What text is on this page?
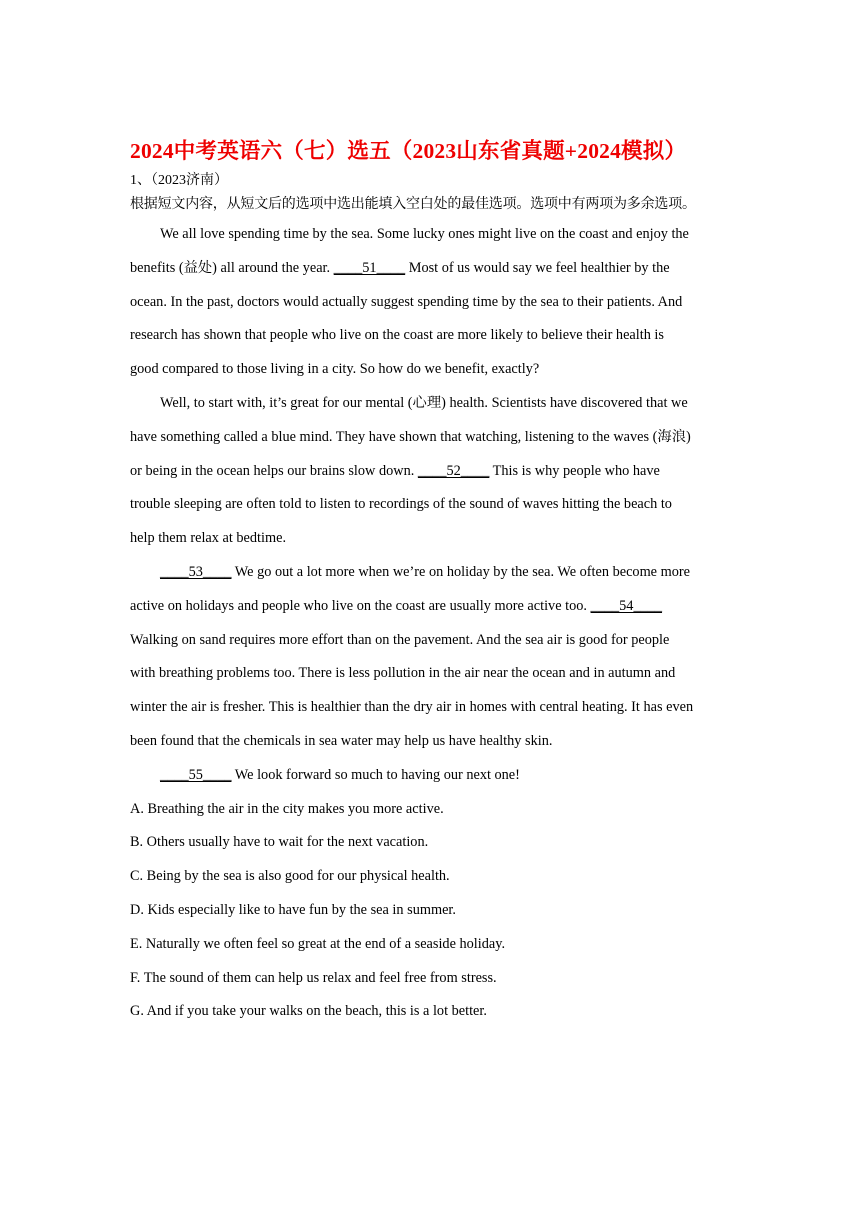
2024中考英语六（七）选五（2023山东省真题+2024模拟）
1、（2023济南）
根据短文内容，从短文后的选项中选出能填入空白处的最佳选项。选项中有两项为多余选项。
We all love spending time by the sea. Some lucky ones might live on the coast and enjoy the
benefits (益处) all around the year. ____51____ Most of us would say we feel healthier by the
ocean. In the past, doctors would actually suggest spending time by the sea to their patients. And
research has shown that people who live on the coast are more likely to believe their health is
good compared to those living in a city. So how do we benefit, exactly?
Well, to start with, it’s great for our mental (心理) health. Scientists have discovered that we
have something called a blue mind. They have shown that watching, listening to the waves (海浪)
or being in the ocean helps our brains slow down. ____52____ This is why people who have
trouble sleeping are often told to listen to recordings of the sound of waves hitting the beach to
help them relax at bedtime.
____53____ We go out a lot more when we’re on holiday by the sea. We often become more
active on holidays and people who live on the coast are usually more active too. ____54____
Walking on sand requires more effort than on the pavement. And the sea air is good for people
with breathing problems too. There is less pollution in the air near the ocean and in autumn and
winter the air is fresher. This is healthier than the dry air in homes with central heating. It has even
been found that the chemicals in sea water may help us have healthy skin.
____55____ We look forward so much to having our next one!
A. Breathing the air in the city makes you more active.
B. Others usually have to wait for the next vacation.
C. Being by the sea is also good for our physical health.
D. Kids especially like to have fun by the sea in summer.
E. Naturally we often feel so great at the end of a seaside holiday.
F. The sound of them can help us relax and feel free from stress.
G. And if you take your walks on the beach, this is a lot better.
